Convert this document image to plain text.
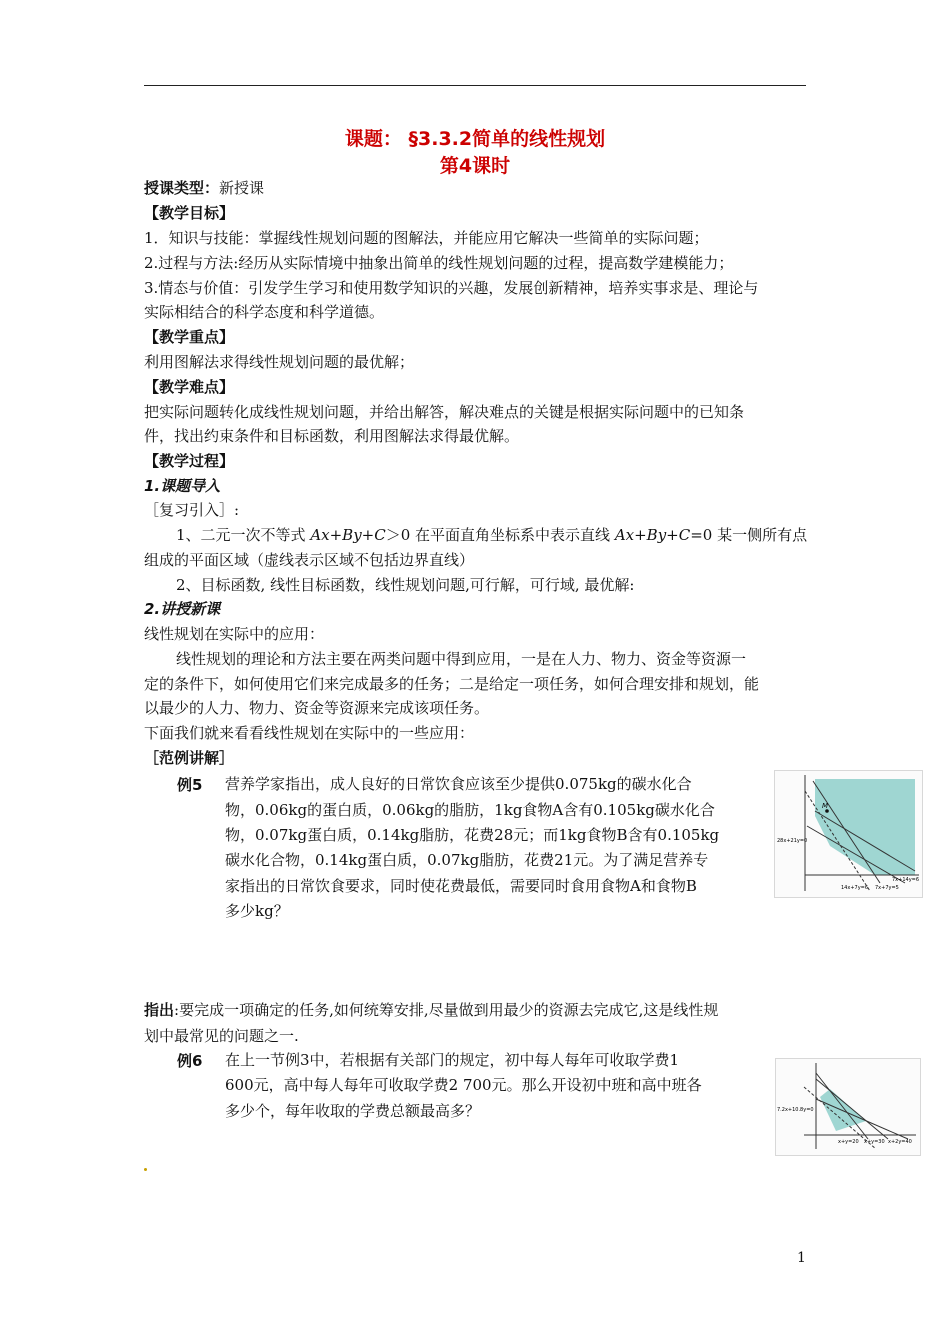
课题： §3.3.2简单的线性规划
第4课时
授课类型：新授课
【教学目标】
1．知识与技能：掌握线性规划问题的图解法，并能应用它解决一些简单的实际问题；
2.过程与方法:经历从实际情境中抽象出简单的线性规划问题的过程，提高数学建模能力；
3.情态与价值：引发学生学习和使用数学知识的兴趣，发展创新精神，培养实事求是、理论与
实际相结合的科学态度和科学道德。
【教学重点】
利用图解法求得线性规划问题的最优解；
【教学难点】
把实际问题转化成线性规划问题，并给出解答，解决难点的关键是根据实际问题中的已知条
件，找出约束条件和目标函数，利用图解法求得最优解。
【教学过程】
1.课题导入
［复习引入］:
1、二元一次不等式 Ax+By+C＞0 在平面直角坐标系中表示直线 Ax+By+C=0 某一侧所有点
组成的平面区域（虚线表示区域不包括边界直线）
2、目标函数, 线性目标函数，线性规划问题,可行解，可行域, 最优解:
2.讲授新课
线性规划在实际中的应用：
线性规划的理论和方法主要在两类问题中得到应用，一是在人力、物力、资金等资源一
定的条件下，如何使用它们来完成最多的任务；二是给定一项任务，如何合理安排和规划，能
以最少的人力、物力、资金等资源来完成该项任务。
下面我们就来看看线性规划在实际中的一些应用：
［范例讲解］
例5 营养学家指出，成人良好的日常饮食应该至少提供0.075kg的碳水化合
物，0.06kg的蛋白质，0.06kg的脂肪，1kg食物A含有0.105kg碳水化合
物，0.07kg蛋白质，0.14kg脂肪，花费28元；而1kg食物B含有0.105kg
碳水化合物，0.14kg蛋白质，0.07kg脂肪，花费21元。为了满足营养专
家指出的日常饮食要求，同时使花费最低，需要同时食用食物A和食物B
多少kg？
M
28x+21y=0
14x+7y=6 7x+7y=5
7x+14y=6
指出:要完成一项确定的任务,如何统筹安排,尽量做到用最少的资源去完成它,这是线性规
划中最常见的问题之一.
例6 在上一节例3中，若根据有关部门的规定，初中每人每年可收取学费1
600元，高中每人每年可收取学费2 700元。那么开设初中班和高中班各
多少个，每年收取的学费总额最高多？	7.2x+10.8y=0
x+y=20 x+y=30 x+2y=40
1
